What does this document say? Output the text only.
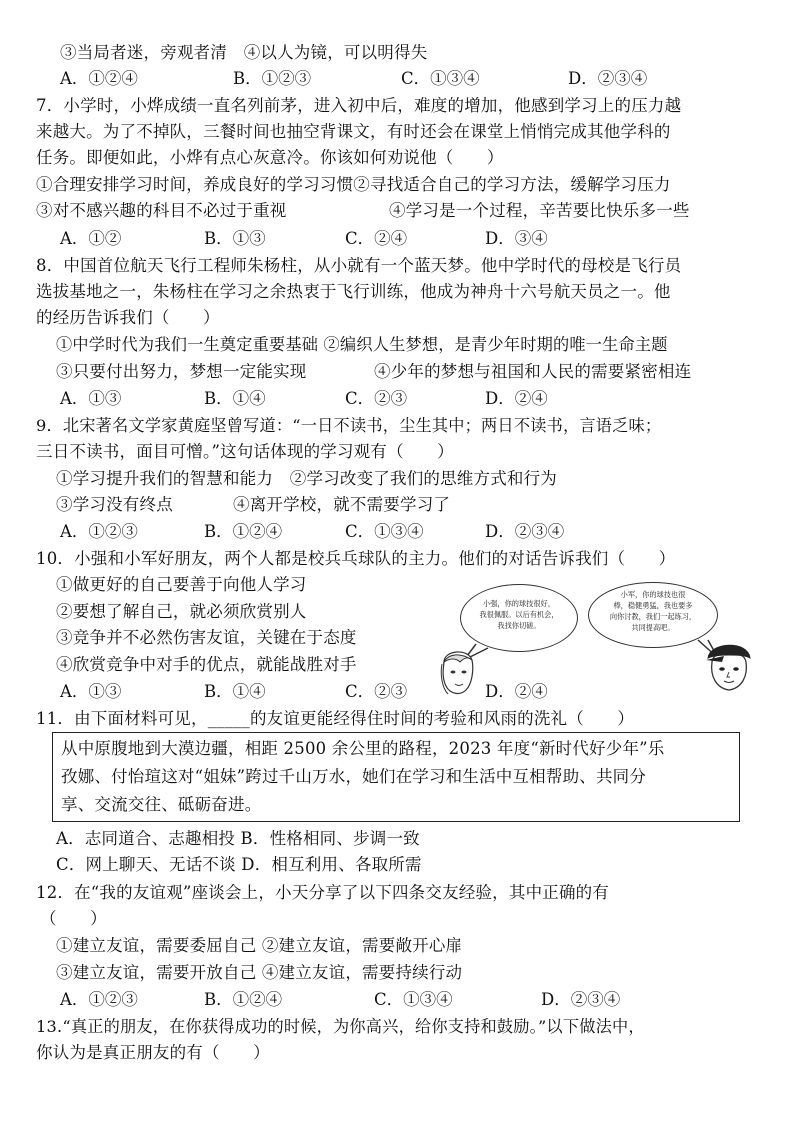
③当局者迷，旁观者清　④以人为镜，可以明得失
A．①②④	B．①②③	C．①③④	D．②③④
7．小学时，小烨成绩一直名列前茅，进入初中后，难度的增加，他感到学习上的压力越
来越大。为了不掉队，三餐时间也抽空背课文，有时还会在课堂上悄悄完成其他学科的
任务。即便如此，小烨有点心灰意冷。你该如何劝说他（　　）
①合理安排学习时间，养成良好的学习习惯②寻找适合自己的学习方法，缓解学习压力
③对不感兴趣的科目不必过于重视	④学习是一个过程，辛苦要比快乐多一些
A．①②	B．①③	C．②④	D．③④
8．中国首位航天飞行工程师朱杨柱，从小就有一个蓝天梦。他中学时代的母校是飞行员
选拔基地之一，朱杨柱在学习之余热衷于飞行训练，他成为神舟十六号航天员之一。他
的经历告诉我们（　　）
①中学时代为我们一生奠定重要基础 ②编织人生梦想，是青少年时期的唯一生命主题
③只要付出努力，梦想一定能实现	④少年的梦想与祖国和人民的需要紧密相连
A．①③	B．①④	C．②③	D．②④
9．北宋著名文学家黄庭坚曾写道：“一日不读书，尘生其中；两日不读书，言语乏味；
三日不读书，面目可憎。”这句话体现的学习观有（　　）
①学习提升我们的智慧和能力　②学习改变了我们的思维方式和行为
③学习没有终点	④离开学校，就不需要学习了
A．①②③	B．①②④	C．①③④	D．②③④
10．小强和小军好朋友，两个人都是校兵乓球队的主力。他们的对话告诉我们（　　）
①做更好的自己要善于向他人学习
②要想了解自己，就必须欣赏别人
③竞争并不必然伤害友谊，关键在于态度
④欣赏竞争中对手的优点，就能战胜对手
A．①③	B．①④	C．②③	D．②④
小强，你的球技很好，
我很佩服。以后有机会，
我找你切磋。
小军，你的球技也很
棒，稳健勇猛，我也要多
向你讨教，我们一起练习，
共同提高吧。
11．由下面材料可见，_____的友谊更能经得住时间的考验和风雨的洗礼（　　）
从中原腹地到大漠边疆，相距 2500 余公里的路程，2023 年度“新时代好少年”乐
孜娜、付怡瑄这对“姐妹”跨过千山万水，她们在学习和生活中互相帮助、共同分
享、交流交往、砥砺奋进。
A．志同道合、志趣相投 B．性格相同、步调一致
C．网上聊天、无话不谈 D．相互利用、各取所需
12．在“我的友谊观”座谈会上，小天分享了以下四条交友经验，其中正确的有
（　　）
①建立友谊，需要委屈自己 ②建立友谊，需要敞开心扉
③建立友谊，需要开放自己 ④建立友谊，需要持续行动
A．①②③	B．①②④	C．①③④	D．②③④
13.“真正的朋友，在你获得成功的时候，为你高兴，给你支持和鼓励。”以下做法中，
你认为是真正朋友的有（　　）
